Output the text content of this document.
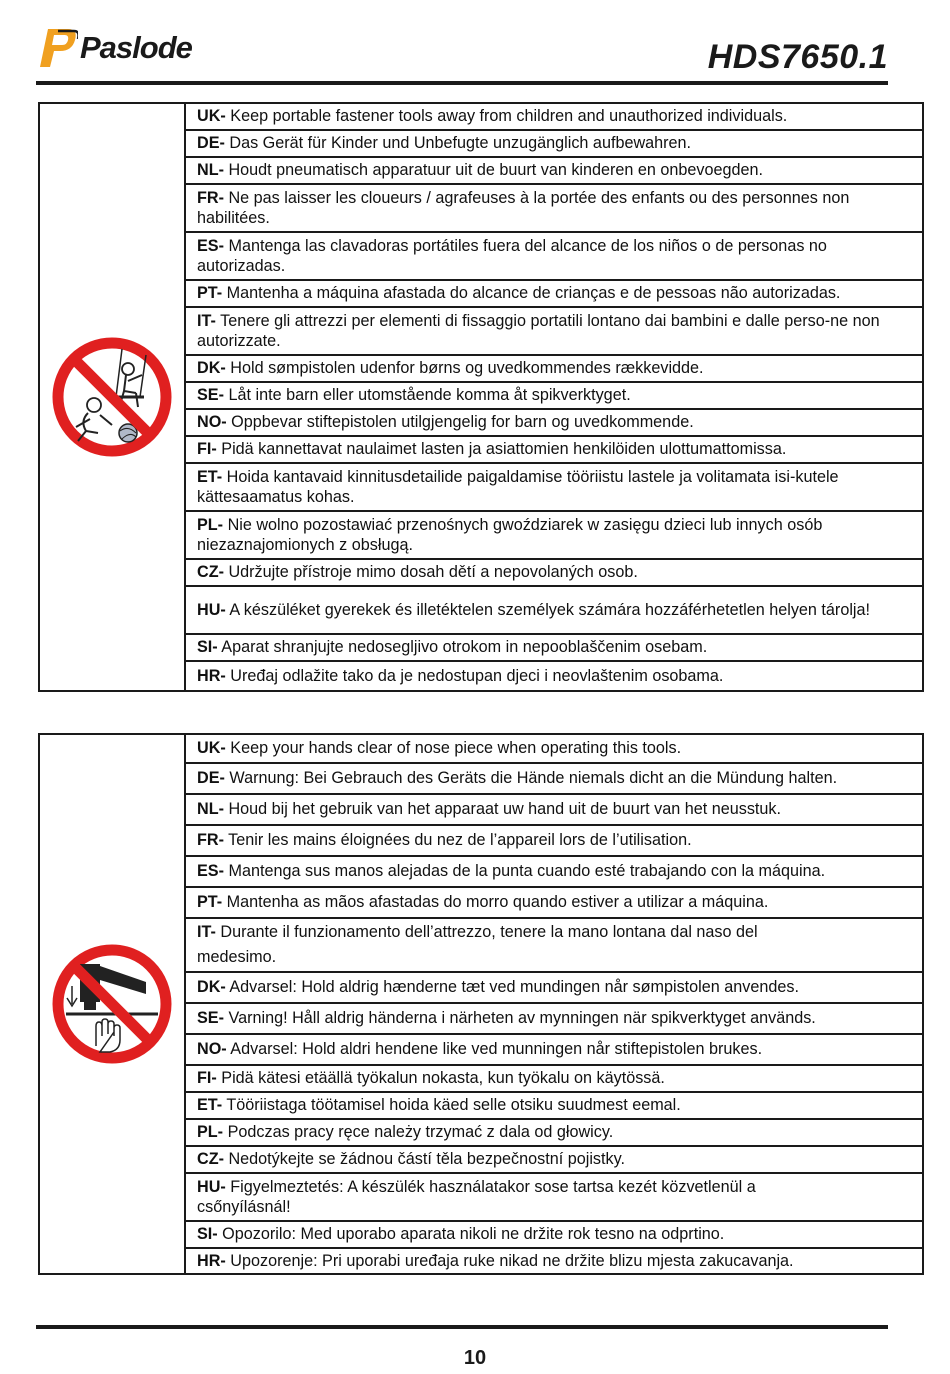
Paslode	HDS7650.1
UK- Keep portable fastener tools away from children and unauthorized individuals.
DE- Das Gerät für Kinder und Unbefugte unzugänglich aufbewahren.
NL- Houdt pneumatisch apparatuur uit de buurt van kinderen en onbevoegden.
FR- Ne pas laisser les cloueurs / agrafeuses à la portée des enfants ou des personnes non habilitées.
ES- Mantenga las clavadoras portátiles fuera del alcance de los niños o de personas no autorizadas.
PT- Mantenha a máquina afastada do alcance de crianças e de pessoas não autorizadas.
IT- Tenere gli attrezzi per elementi di fissaggio portatili lontano dai bambini e dalle perso-ne non autorizzate.
DK- Hold sømpistolen udenfor børns og uvedkommendes rækkevidde.
SE- Låt inte barn eller utomstående komma åt spikverktyget.
NO- Oppbevar stiftepistolen utilgjengelig for barn og uvedkommende.
FI- Pidä kannettavat naulaimet lasten ja asiattomien henkilöiden ulottumattomissa.
ET- Hoida kantavaid kinnitusdetailide paigaldamise tööriistu lastele ja volitamata isi-kutele kättesaamatus kohas.
PL- Nie wolno pozostawiać przenośnych gwoździarek w zasięgu dzieci lub innych osób niezaznajomionych z obsługą.
CZ- Udržujte přístroje mimo dosah dětí a nepovolaných osob.
HU- A készüléket gyerekek és illetéktelen személyek számára hozzáférhetetlen helyen tárolja!
SI- Aparat shranjujte nedosegljivo otrokom in nepooblaščenim osebam.
HR- Uređaj odlažite tako da je nedostupan djeci i neovlaštenim osobama.
UK- Keep your hands clear of nose piece when operating this tools.
DE- Warnung: Bei Gebrauch des Geräts die Hände niemals dicht an die Mündung halten.
NL- Houd bij het gebruik van het apparaat uw hand uit de buurt van het neusstuk.
FR- Tenir les mains éloignées du nez de l’appareil lors de l’utilisation.
ES- Mantenga sus manos alejadas de la punta cuando esté trabajando con la máquina.
PT- Mantenha as mãos afastadas do morro quando estiver a utilizar a máquina.
IT- Durante il funzionamento dell’attrezzo, tenere la mano lontana dal naso del medesimo.
DK- Advarsel: Hold aldrig hænderne tæt ved mundingen når sømpistolen anvendes.
SE- Varning! Håll aldrig händerna i närheten av mynningen när spikverktyget används.
NO- Advarsel: Hold aldri hendene like ved munningen når stiftepistolen brukes.
FI- Pidä kätesi etäällä työkalun nokasta, kun työkalu on käytössä.
ET- Tööriistaga töötamisel hoida käed selle otsiku suudmest eemal.
PL- Podczas pracy ręce należy trzymać z dala od głowicy.
CZ- Nedotýkejte se žádnou částí těla bezpečnostní pojistky.
HU- Figyelmeztetés: A készülék használatakor sose tartsa kezét közvetlenül a csőnyílásnál!
SI- Opozorilo: Med uporabo aparata nikoli ne držite rok tesno na odprtino.
HR- Upozorenje: Pri uporabi uređaja ruke nikad ne držite blizu mjesta zakucavanja.
10
